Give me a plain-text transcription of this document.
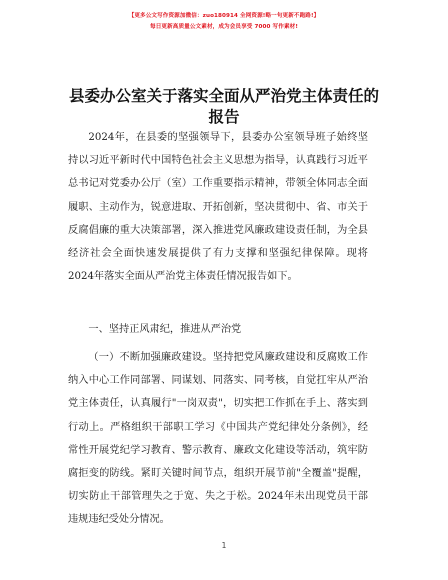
【更多公文写作资源加微信：zuo180914 全网资源!略一句更新不跑路!】
每日更新高质量公文素材，成为会员享受 7000 写作素材!
县委办公室关于落实全面从严治党主体责任的
报告

2024年，在县委的坚强领导下，县委办公室领导班子始终坚持以习近平新时代中国特色社会主义思想为指导，认真践行习近平总书记对党委办公厅（室）工作重要指示精神，带领全体同志全面履职、主动作为，锐意进取、开拓创新，坚决贯彻中、省、市关于反腐倡廉的重大决策部署，深入推进党风廉政建设责任制，为全县经济社会全面快速发展提供了有力支撑和坚强纪律保障。现将2024年落实全面从严治党主体责任情况报告如下。

一、坚持正风肃纪，推进从严治党

（一）不断加强廉政建设。坚持把党风廉政建设和反腐败工作纳入中心工作同部署、同谋划、同落实、同考核，自觉扛牢从严治党主体责任，认真履行"一岗双责"，切实把工作抓在手上、落实到行动上。严格组织干部职工学习《中国共产党纪律处分条例》，经常性开展党纪学习教育、警示教育、廉政文化建设等活动，筑牢防腐拒变的防线。紧盯关键时间节点，组织开展节前"全覆盖"提醒，切实防止干部管理失之于宽、失之于松。2024年未出现党员干部违规违纪受处分情况。

1
